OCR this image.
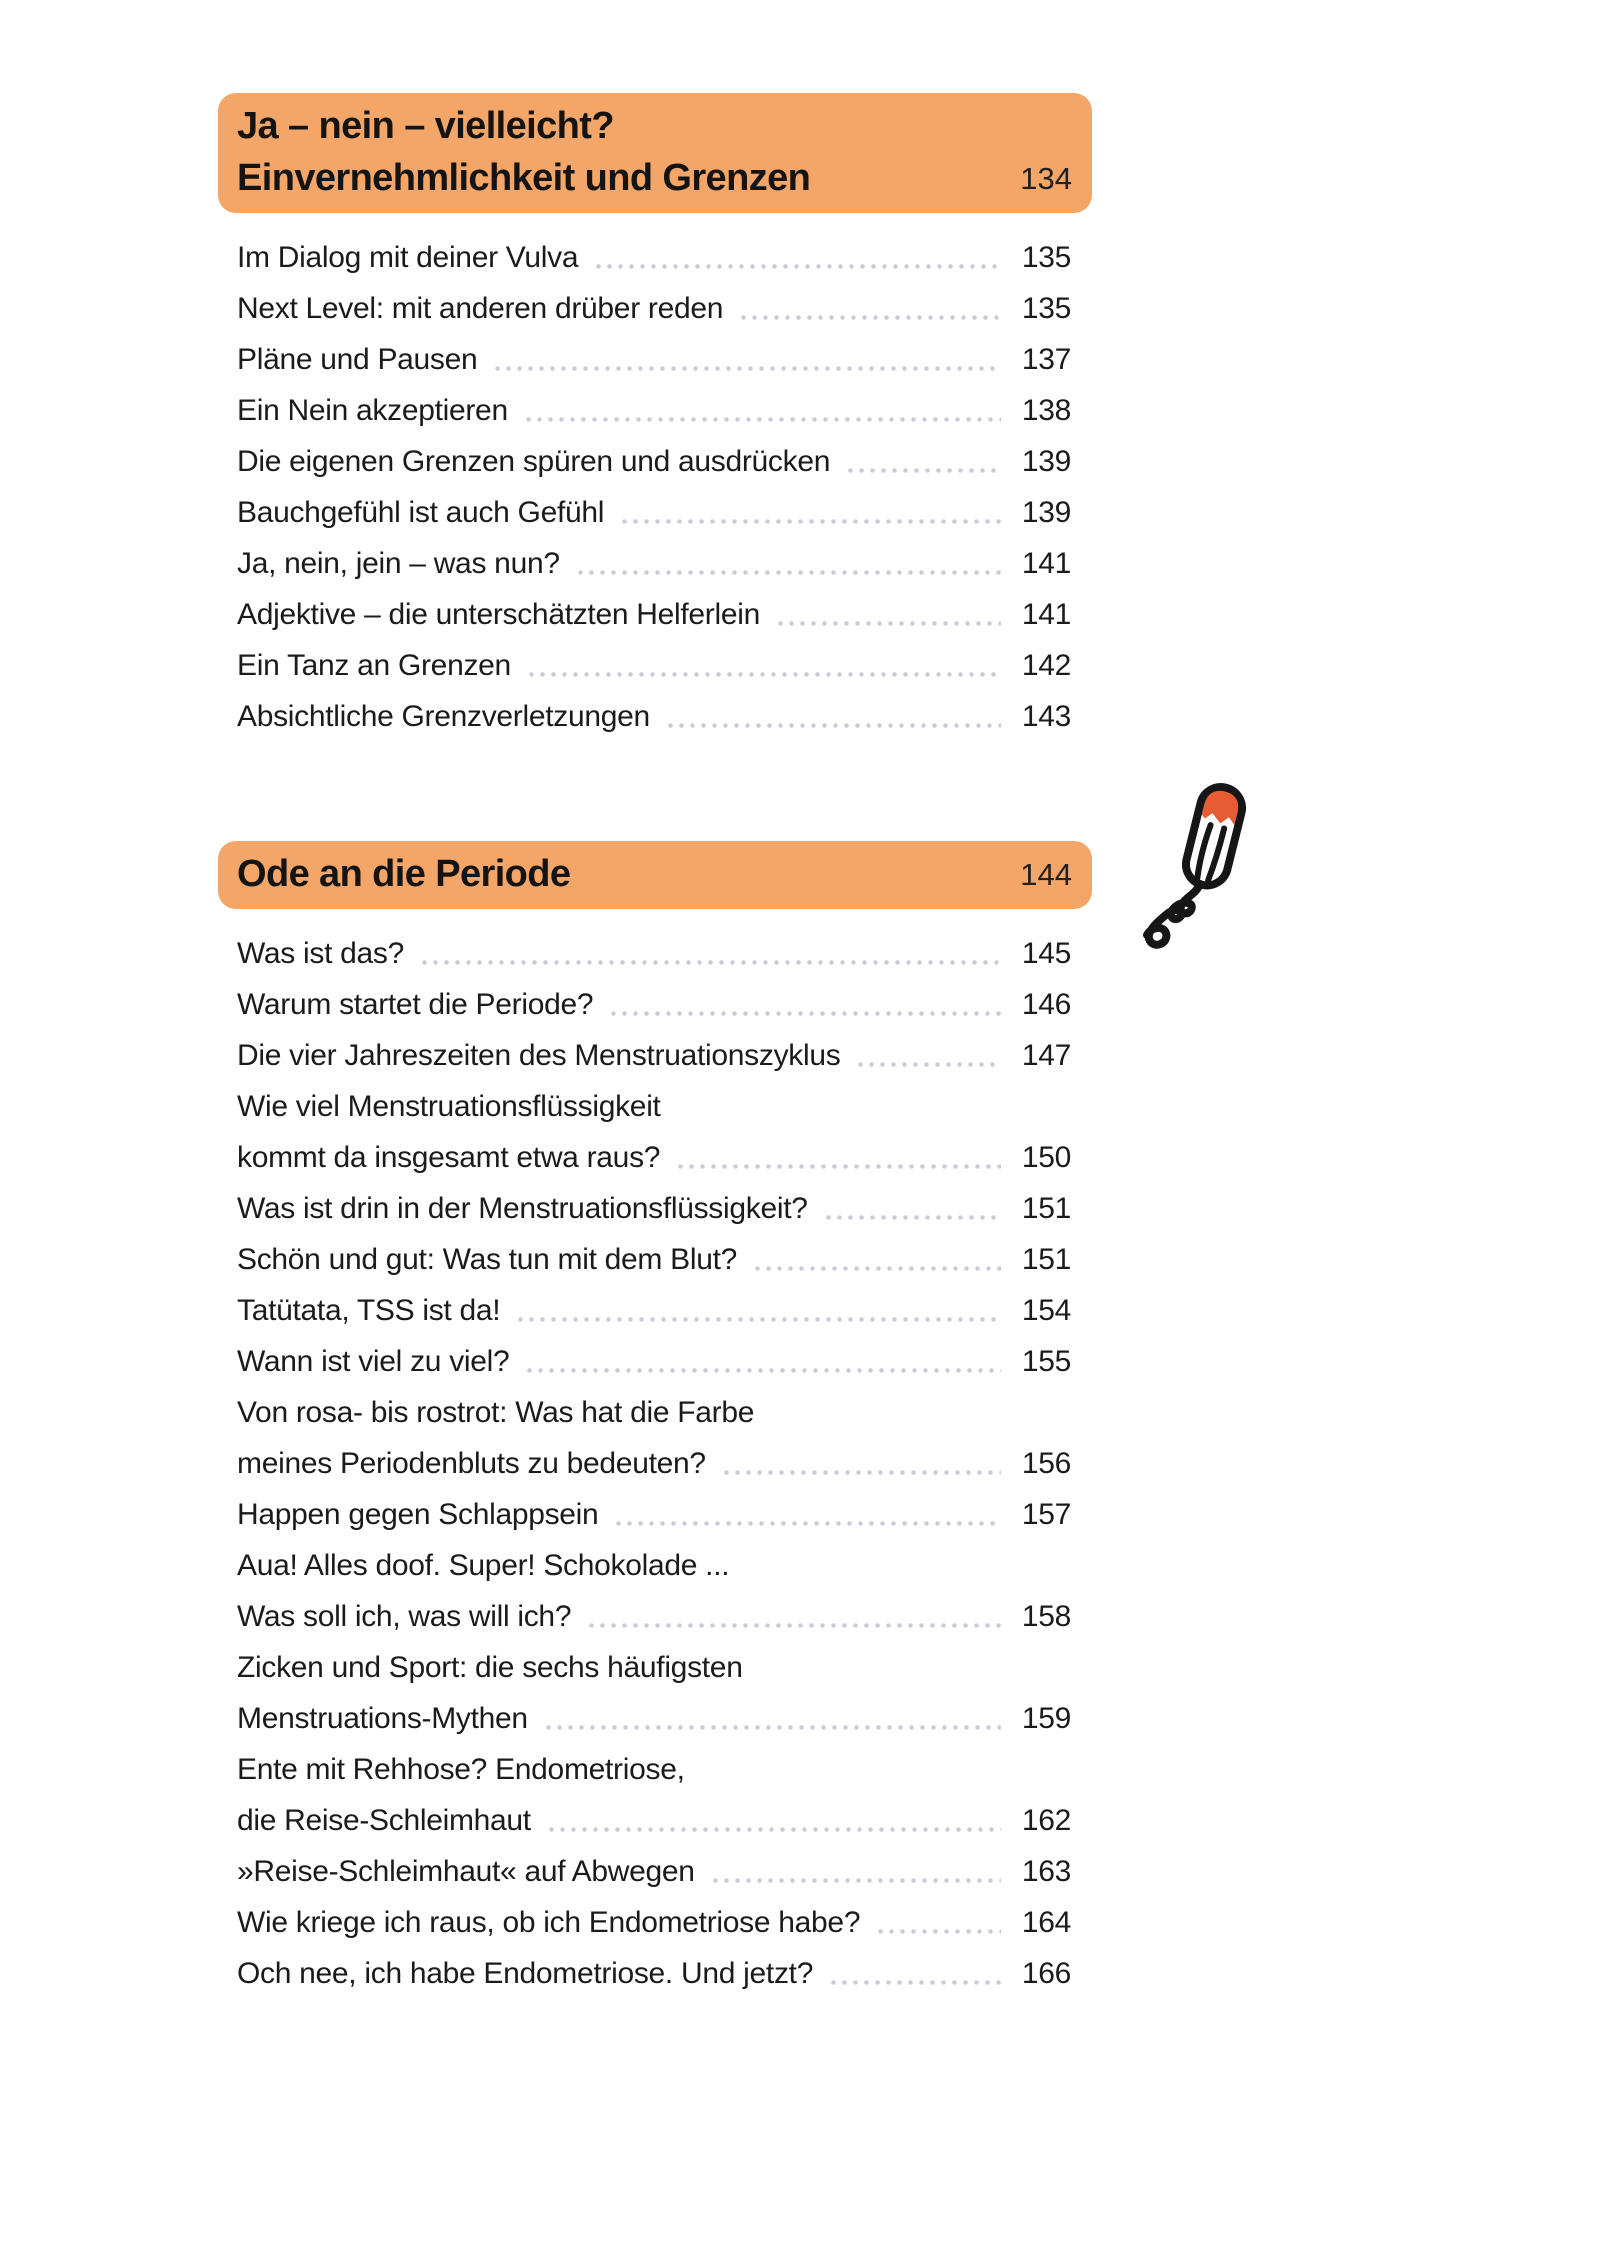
Ja – nein – vielleicht?
Einvernehmlichkeit und Grenzen	134
Im Dialog mit deiner Vulva	135
Next Level: mit anderen drüber reden	135
Pläne und Pausen	137
Ein Nein akzeptieren	138
Die eigenen Grenzen spüren und ausdrücken	139
Bauchgefühl ist auch Gefühl	139
Ja, nein, jein – was nun?	141
Adjektive – die unterschätzten Helferlein	141
Ein Tanz an Grenzen	142
Absichtliche Grenzverletzungen	143
Ode an die Periode	144
Was ist das?	145
Warum startet die Periode?	146
Die vier Jahreszeiten des Menstruationszyklus	147
Wie viel Menstruationsflüssigkeit
kommt da insgesamt etwa raus?	150
Was ist drin in der Menstruationsflüssigkeit?	151
Schön und gut: Was tun mit dem Blut?	151
Tatütata, TSS ist da!	154
Wann ist viel zu viel?	155
Von rosa- bis rostrot: Was hat die Farbe
meines Periodenbluts zu bedeuten?	156
Happen gegen Schlappsein	157
Aua! Alles doof. Super! Schokolade ...
Was soll ich, was will ich?	158
Zicken und Sport: die sechs häufigsten
Menstruations-Mythen	159
Ente mit Rehhose? Endometriose,
die Reise-Schleimhaut	162
»Reise-Schleimhaut« auf Abwegen	163
Wie kriege ich raus, ob ich Endometriose habe?	164
Och nee, ich habe Endometriose. Und jetzt?	166
